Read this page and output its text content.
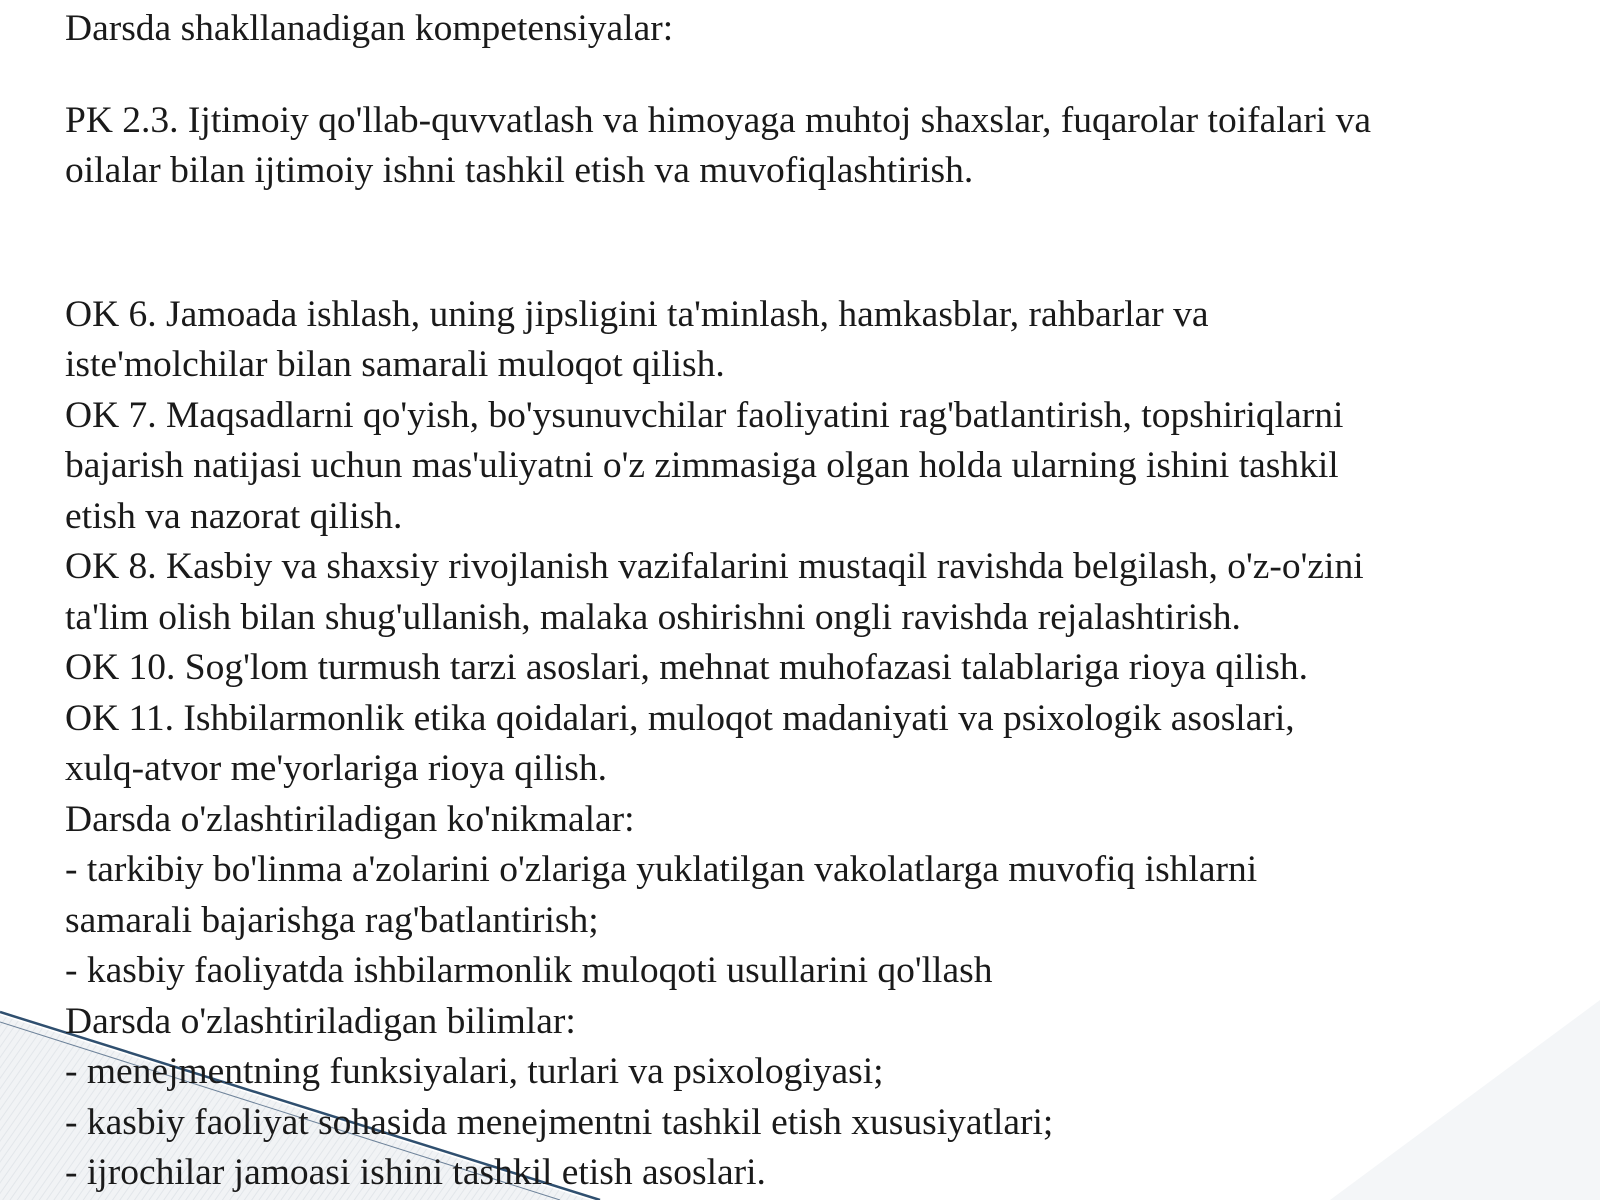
Darsda shakllanadigan kompetensiyalar:
PK 2.3. Ijtimoiy qo'llab-quvvatlash va himoyaga muhtoj shaxslar, fuqarolar toifalari va
oilalar bilan ijtimoiy ishni tashkil etish va muvofiqlashtirish.
OK 6. Jamoada ishlash, uning jipsligini ta'minlash, hamkasblar, rahbarlar va
iste'molchilar bilan samarali muloqot qilish.
OK 7. Maqsadlarni qo'yish, bo'ysunuvchilar faoliyatini rag'batlantirish, topshiriqlarni
bajarish natijasi uchun mas'uliyatni o'z zimmasiga olgan holda ularning ishini tashkil
etish va nazorat qilish.
OK 8. Kasbiy va shaxsiy rivojlanish vazifalarini mustaqil ravishda belgilash, o'z-o'zini
ta'lim olish bilan shug'ullanish, malaka oshirishni ongli ravishda rejalashtirish.
OK 10. Sog'lom turmush tarzi asoslari, mehnat muhofazasi talablariga rioya qilish.
OK 11. Ishbilarmonlik etika qoidalari, muloqot madaniyati va psixologik asoslari,
xulq-atvor me'yorlariga rioya qilish.
Darsda o'zlashtiriladigan ko'nikmalar:
- tarkibiy bo'linma a'zolarini o'zlariga yuklatilgan vakolatlarga muvofiq ishlarni
samarali bajarishga rag'batlantirish;
- kasbiy faoliyatda ishbilarmonlik muloqoti usullarini qo'llash
Darsda o'zlashtiriladigan bilimlar:
- menejmentning funksiyalari, turlari va psixologiyasi;
- kasbiy faoliyat sohasida menejmentni tashkil etish xususiyatlari;
- ijrochilar jamoasi ishini tashkil etish asoslari.
